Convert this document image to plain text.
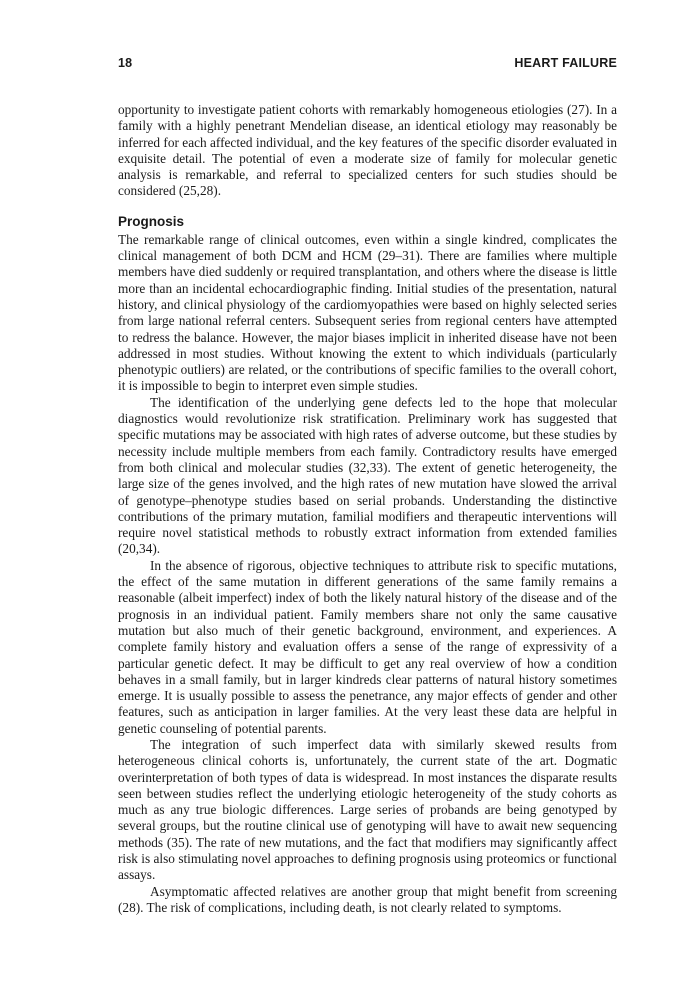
18	HEART FAILURE

opportunity to investigate patient cohorts with remarkably homogeneous etiologies (27). In a family with a highly penetrant Mendelian disease, an identical etiology may reasonably be inferred for each affected individual, and the key features of the specific disorder evaluated in exquisite detail. The potential of even a moderate size of family for molecular genetic analysis is remarkable, and referral to specialized centers for such studies should be considered (25,28).

Prognosis

The remarkable range of clinical outcomes, even within a single kindred, complicates the clinical management of both DCM and HCM (29–31). There are families where multiple members have died suddenly or required transplantation, and others where the disease is little more than an incidental echocardiographic finding. Initial studies of the presentation, natural history, and clinical physiology of the cardiomyopathies were based on highly selected series from large national referral centers. Subsequent series from regional centers have attempted to redress the balance. However, the major biases implicit in inherited disease have not been addressed in most studies. Without knowing the extent to which individuals (particularly phenotypic outliers) are related, or the contributions of specific families to the overall cohort, it is impossible to begin to interpret even simple studies.

The identification of the underlying gene defects led to the hope that molecular diagnostics would revolutionize risk stratification. Preliminary work has suggested that specific mutations may be associated with high rates of adverse outcome, but these studies by necessity include multiple members from each family. Contradictory results have emerged from both clinical and molecular studies (32,33). The extent of genetic heterogeneity, the large size of the genes involved, and the high rates of new mutation have slowed the arrival of genotype–phenotype studies based on serial probands. Understanding the distinctive contributions of the primary mutation, familial modifiers and therapeutic interventions will require novel statistical methods to robustly extract information from extended families (20,34).

In the absence of rigorous, objective techniques to attribute risk to specific mutations, the effect of the same mutation in different generations of the same family remains a reasonable (albeit imperfect) index of both the likely natural history of the disease and of the prognosis in an individual patient. Family members share not only the same causative mutation but also much of their genetic background, environment, and experiences. A complete family history and evaluation offers a sense of the range of expressivity of a particular genetic defect. It may be difficult to get any real overview of how a condition behaves in a small family, but in larger kindreds clear patterns of natural history sometimes emerge. It is usually possible to assess the penetrance, any major effects of gender and other features, such as anticipation in larger families. At the very least these data are helpful in genetic counseling of potential parents.

The integration of such imperfect data with similarly skewed results from heterogeneous clinical cohorts is, unfortunately, the current state of the art. Dogmatic overinterpretation of both types of data is widespread. In most instances the disparate results seen between studies reflect the underlying etiologic heterogeneity of the study cohorts as much as any true biologic differences. Large series of probands are being genotyped by several groups, but the routine clinical use of genotyping will have to await new sequencing methods (35). The rate of new mutations, and the fact that modifiers may significantly affect risk is also stimulating novel approaches to defining prognosis using proteomics or functional assays.

Asymptomatic affected relatives are another group that might benefit from screening (28). The risk of complications, including death, is not clearly related to symptoms.
